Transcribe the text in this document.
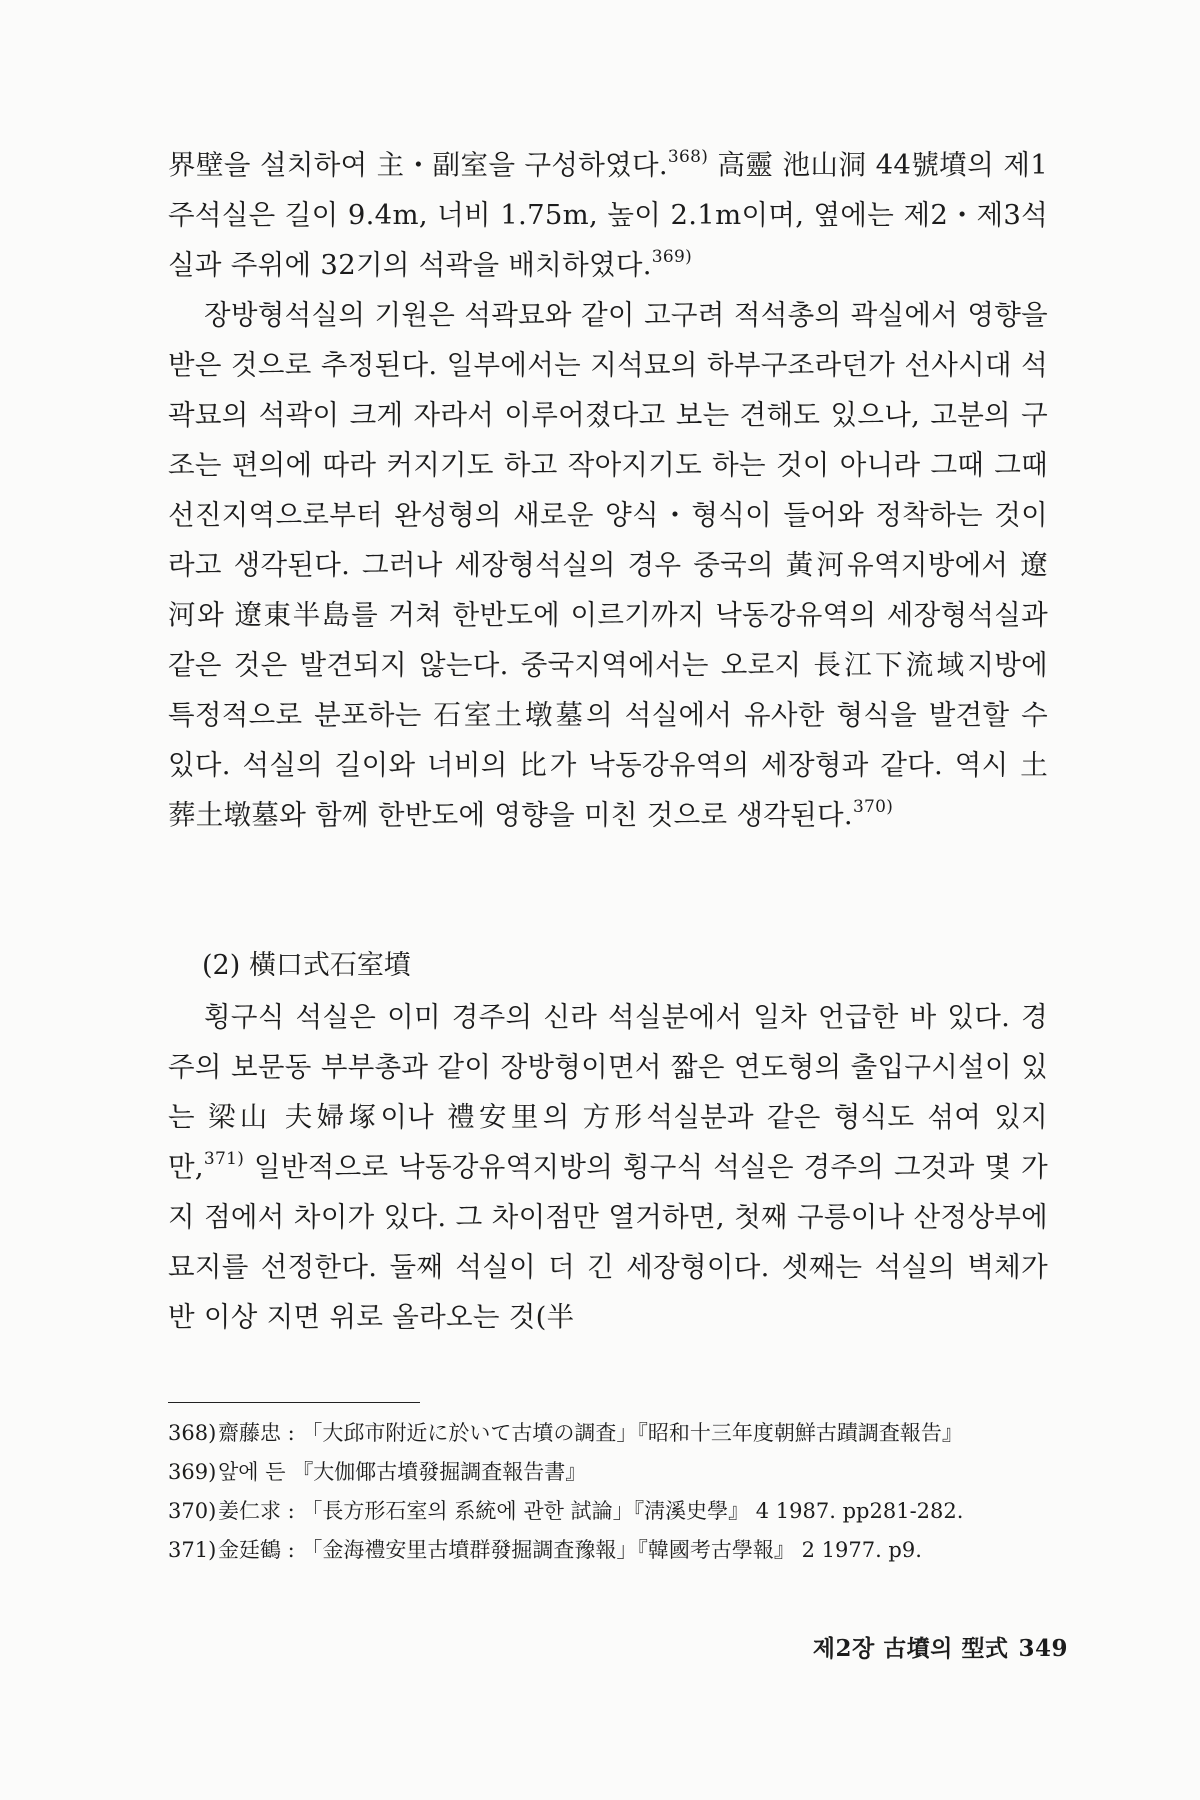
界壁을 설치하여 主・副室을 구성하였다.$^{368)}$ 高靈 池山洞 44號墳의 제1주석실은 길이 9.4m, 너비 1.75m, 높이 2.1m이며, 옆에는 제2・제3석실과 주위에 32기의 석곽을 배치하였다.$^{369)}$

장방형석실의 기원은 석곽묘와 같이 고구려 적석총의 곽실에서 영향을 받은 것으로 추정된다. 일부에서는 지석묘의 하부구조라던가 선사시대 석곽묘의 석곽이 크게 자라서 이루어졌다고 보는 견해도 있으나, 고분의 구조는 편의에 따라 커지기도 하고 작아지기도 하는 것이 아니라 그때 그때 선진지역으로부터 완성형의 새로운 양식・형식이 들어와 정착하는 것이라고 생각된다. 그러나 세장형석실의 경우 중국의 黃河유역지방에서 遼河와 遼東半島를 거쳐 한반도에 이르기까지 낙동강유역의 세장형석실과 같은 것은 발견되지 않는다. 중국지역에서는 오로지 長江下流域지방에 특정적으로 분포하는 石室土墩墓의 석실에서 유사한 형식을 발견할 수 있다. 석실의 길이와 너비의 比가 낙동강유역의 세장형과 같다. 역시 土葬土墩墓와 함께 한반도에 영향을 미친 것으로 생각된다.$^{370)}$

(2) 橫口式石室墳

횡구식 석실은 이미 경주의 신라 석실분에서 일차 언급한 바 있다. 경주의 보문동 부부총과 같이 장방형이면서 짧은 연도형의 출입구시설이 있는 梁山 夫婦塚이나 禮安里의 方形석실분과 같은 형식도 섞여 있지만,$^{371)}$ 일반적으로 낙동강유역지방의 횡구식 석실은 경주의 그것과 몇 가지 점에서 차이가 있다. 그 차이점만 열거하면, 첫째 구릉이나 산정상부에 묘지를 선정한다. 둘째 석실이 더 긴 세장형이다. 셋째는 석실의 벽체가 반 이상 지면 위로 올라오는 것(半

368)齋藤忠 : 「大邱市附近に於いて古墳の調査」『昭和十三年度朝鮮古蹟調査報告』
369)앞에 든 『大伽倻古墳發掘調査報告書』
370)姜仁求 : 「長方形石室의 系統에 관한 試論」『淸溪史學』 4 1987. pp281-282.
371)金廷鶴 : 「金海禮安里古墳群發掘調査豫報」『韓國考古學報』 2 1977. p9.
제2장 古墳의 型式 349
